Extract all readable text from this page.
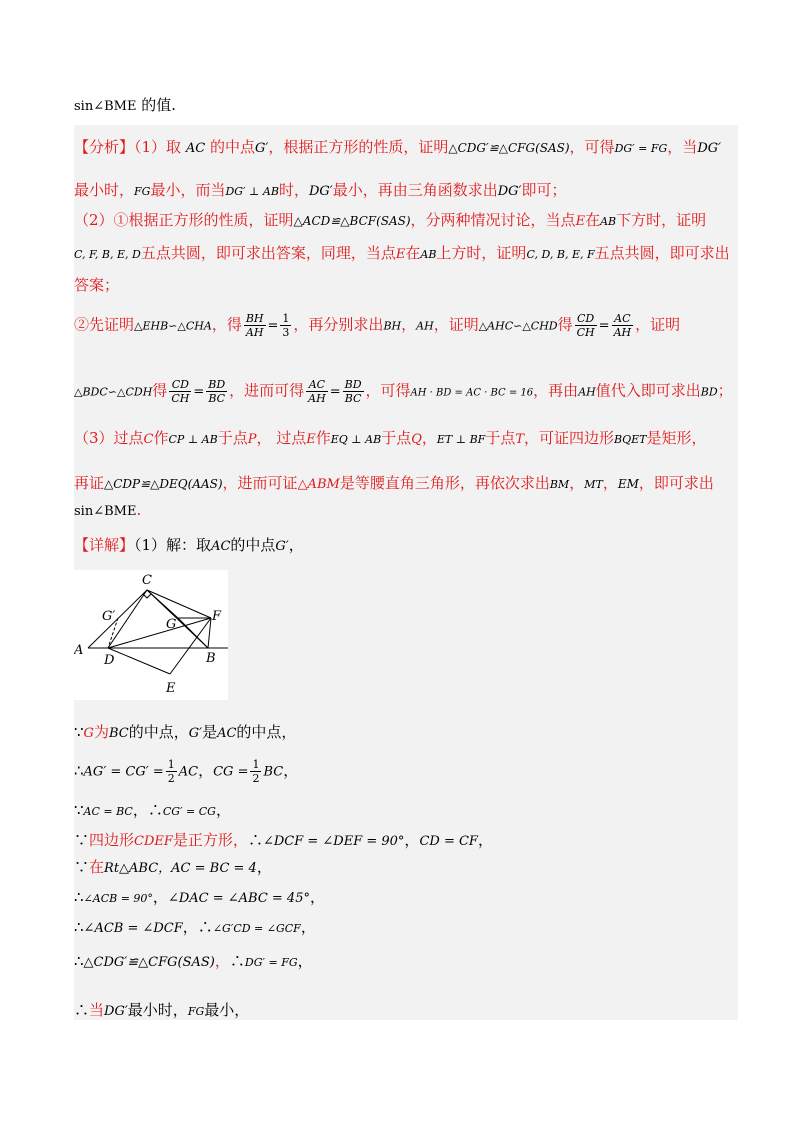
sin∠BME 的值.
【分析】（1）取 AC 的中点G′，根据正方形的性质，证明△CDG′≌△CFG(SAS)，可得DG′ = FG，当DG′
最小时，FG最小，而当DG′ ⊥ AB时，DG′最小，再由三角函数求出DG′即可；
（2）①根据正方形的性质，证明△ACD≌△BCF(SAS)，分两种情况讨论，当点E在AB下方时，证明
C, F, B, E, D五点共圆，即可求出答案，同理，当点E在AB上方时，证明C, D, B, E, F五点共圆，即可求出
答案；
②先证明△EHB∽△CHA，得 $\frac{BH}{AH} = \frac{1}{3}$ ，再分别求出BH，AH，证明△AHC∽△CHD得 $\frac{CD}{CH} = \frac{AC}{AH}$ ，证明
△BDC∽△CDH得 $\frac{CD}{CH} = \frac{BD}{BC}$ ，进而可得 $\frac{AC}{AH} = \frac{BD}{BC}$ ，可得AH · BD = AC · BC = 16，再由AH值代入即可求出BD；
（3）过点C作CP ⊥ AB于点P， 过点E作EQ ⊥ AB于点Q，ET ⊥ BF于点T，可证四边形BQET是矩形，
再证△CDP≌△DEQ(AAS)，进而可证△ABM是等腰直角三角形，再依次求出BM，MT，EM，即可求出
sin∠BME.
【详解】（1）解：取AC的中点G′，
C
G′
G
F
A
D	B
E
∵G为BC的中点，G′是AC的中点，
∴AG′ = $CG' = \frac{1}{2}$ AC，CG = $\frac{1}{2}$ BC，
∵AC = BC，∴CG′ = CG，
∵四边形CDEF是正方形，∴∠DCF = ∠DEF = 90°，CD = CF，
∵在Rt△ABC，AC = BC = 4，
∴∠ACB = 90°，∠DAC = ∠ABC = 45°，
∴∠ACB = ∠DCF，∴∠G′CD = ∠GCF，
∴△CDG′≌△CFG(SAS)，∴DG′ = FG，
∴当DG′最小时，FG最小，
